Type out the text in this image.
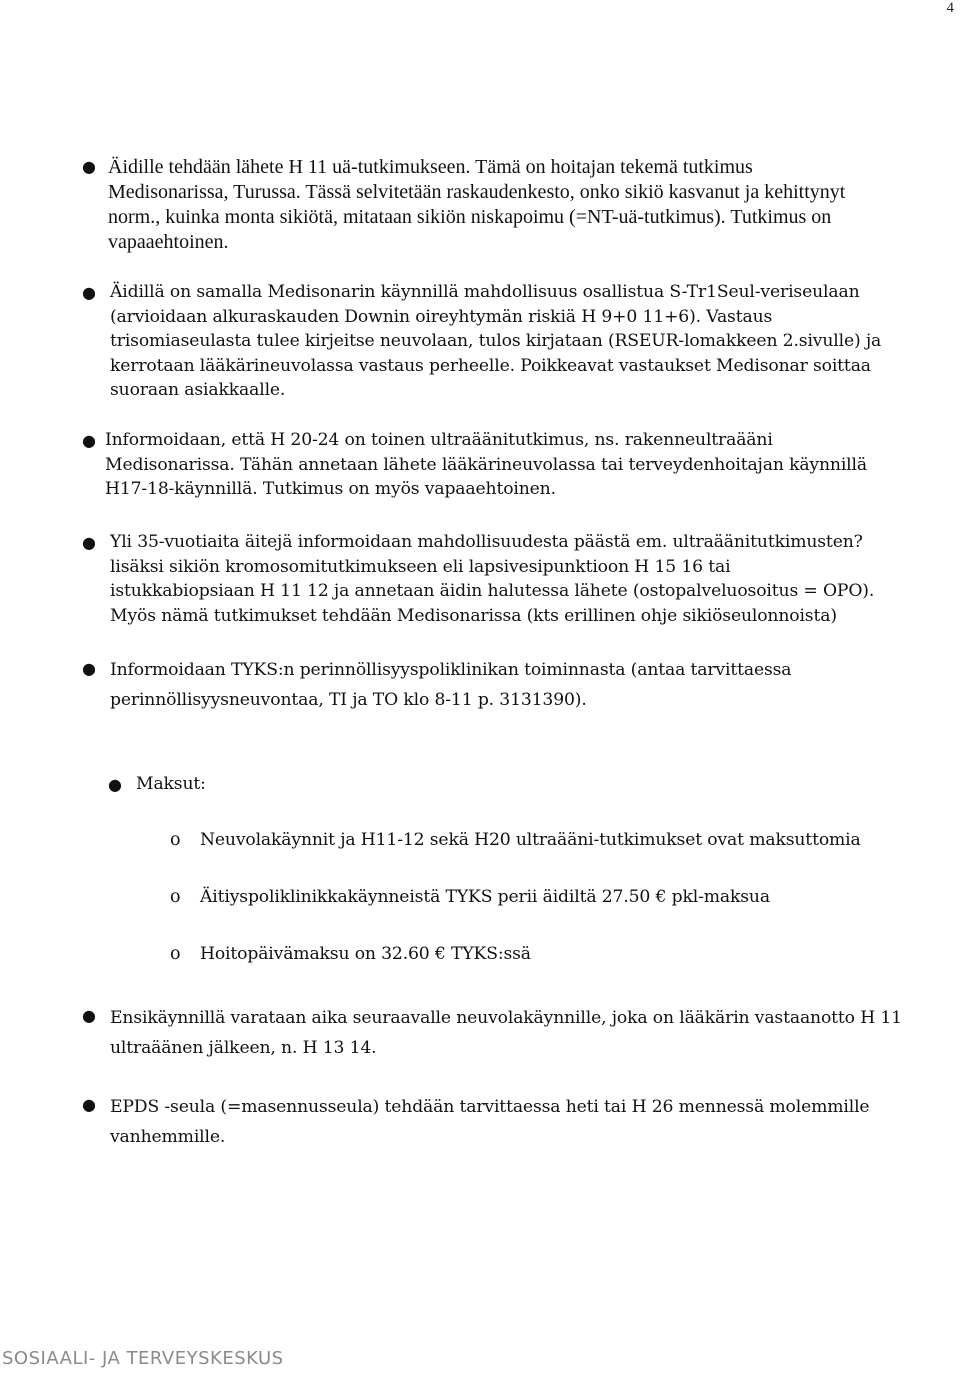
4
● Äidille tehdään lähete H 11 uä-tutkimukseen. Tämä on hoitajan tekemä tutkimus Medisonarissa, Turussa. Tässä selvitetään raskaudenkesto, onko sikiö kasvanut ja kehittynyt norm., kuinka monta sikiötä, mitataan sikiön niskapoimu (=NT-uä-tutkimus). Tutkimus on vapaaehtoinen.
● Äidillä on samalla Medisonarin käynnillä mahdollisuus osallistua S-Tr1Seul-veriseulaan
(arvioidaan alkuraskauden Downin oireyhtymän riskiä H 9+0 11+6). Vastaus
trisomiaseulasta tulee kirjeitse neuvolaan, tulos kirjataan (RSEUR-lomakkeen 2.sivulle) ja
kerrotaan lääkärineuvolassa vastaus perheelle. Poikkeavat vastaukset Medisonar soittaa
suoraan asiakkaalle.
● Informoidaan, että H 20-24 on toinen ultraäänitutkimus, ns. rakenneultraääni
Medisonarissa. Tähän annetaan lähete lääkärineuvolassa tai terveydenhoitajan käynnillä
H17-18-käynnillä. Tutkimus on myös vapaaehtoinen.
● Yli 35-vuotiaita äitejä informoidaan mahdollisuudesta päästä em. ultraäänitutkimusten?
lisäksi sikiön kromosomitutkimukseen eli lapsivesipunktioon H 15 16 tai
istukkabiopsiaan H 11 12 ja annetaan äidin halutessa lähete (ostopalveluosoitus = OPO).
Myös nämä tutkimukset tehdään Medisonarissa (kts erillinen ohje sikiöseulonnoista)
● Informoidaan TYKS:n perinnöllisyyspoliklinikan toiminnasta (antaa tarvittaessa
perinnöllisyysneuvontaa, TI ja TO klo 8-11 p. 3131390).
● Maksut:
o Neuvolakäynnit ja H11-12 sekä H20 ultraääni-tutkimukset ovat maksuttomia
o Äitiyspoliklinikkakäynneistä TYKS perii äidiltä 27.50 € pkl-maksua
o Hoitopäivämaksu on 32.60 € TYKS:ssä
● Ensikäynnillä varataan aika seuraavalle neuvolakäynnille, joka on lääkärin vastaanotto H 11
ultraäänen jälkeen, n. H 13 14.
● EPDS -seula (=masennusseula) tehdään tarvittaessa heti tai H 26 mennessä molemmille
vanhemmille.
SOSIAALI- JA TERVEYSKESKUS
